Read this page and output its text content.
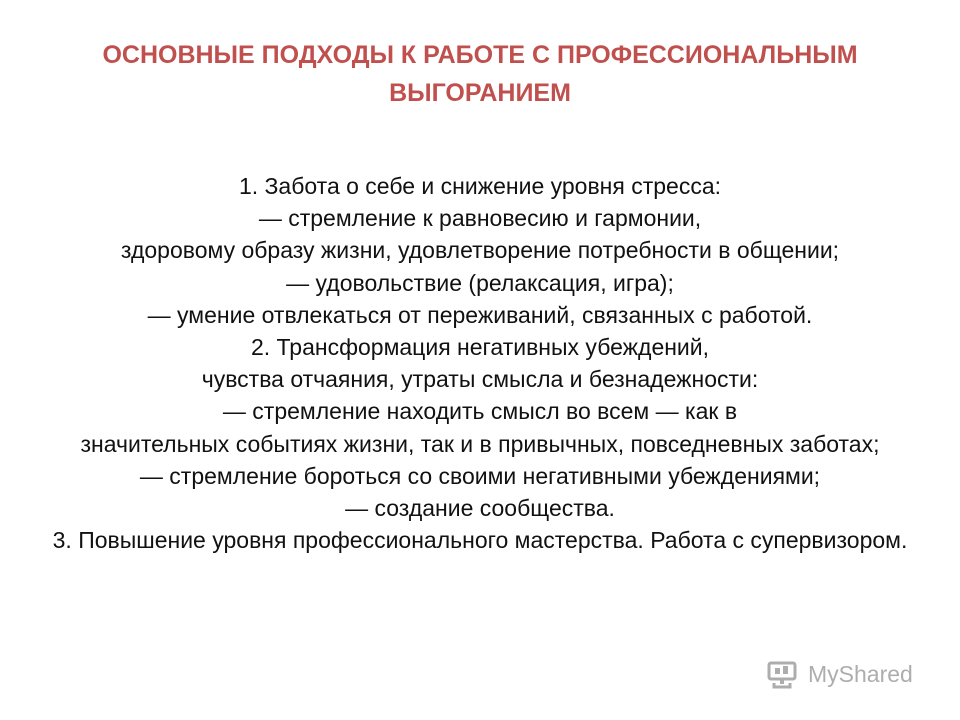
ОСНОВНЫЕ ПОДХОДЫ К РАБОТЕ С ПРОФЕССИОНАЛЬНЫМ
ВЫГОРАНИЕМ
1. Забота о себе и снижение уровня стресса:
— стремление к равновесию и гармонии,
здоровому образу жизни, удовлетворение потребности в общении;
— удовольствие (релаксация, игра);
— умение отвлекаться от переживаний, связанных с работой.
2. Трансформация негативных убеждений,
чувства отчаяния, утраты смысла и безнадежности:
— стремление находить смысл во всем — как в
значительных событиях жизни, так и в привычных, повседневных заботах;
— стремление бороться со своими негативными убеждениями;
— создание сообщества.
3. Повышение уровня профессионального мастерства. Работа с супервизором.
MyShared
